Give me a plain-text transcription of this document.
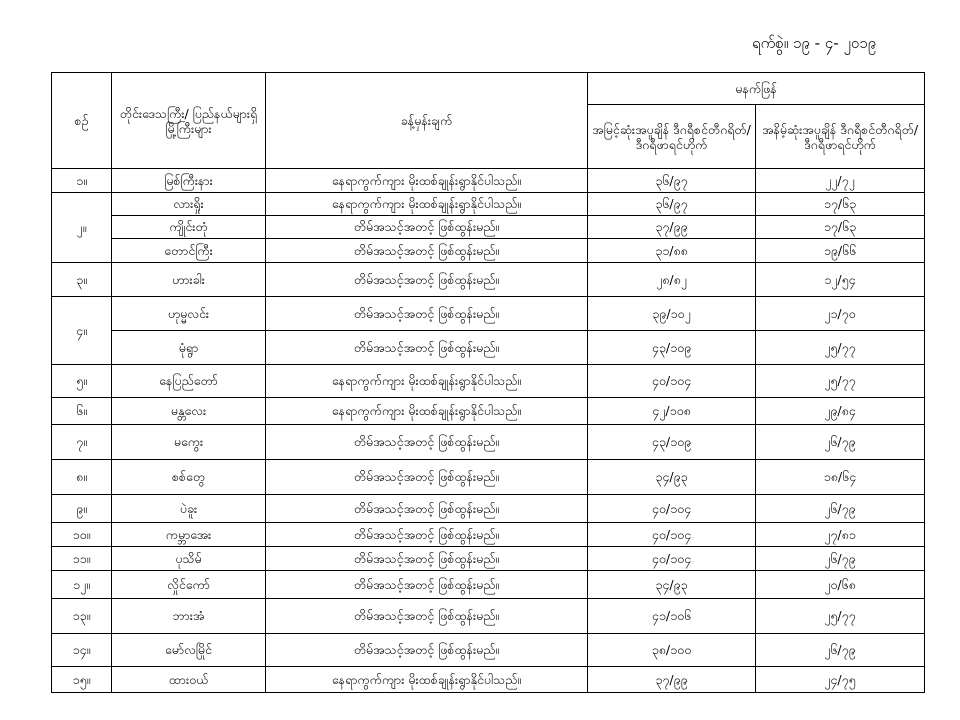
ရက်စွဲ။ ၁၉ - ၄- ၂၀၁၉
စဉ်	တိုင်းဒေသကြီး/ ပြည်နယ်များရှိ မြို့ကြီးများ	ခန့်မှန်းချက်	မနက်ဖြန်	
			အမြင့်ဆုံးအပူချိန် ဒီဂရီစင်တီဂရိတ်/ ဒီဂရီဖာရင်ဟိုက်	အနိမ့်ဆုံးအပူချိန် ဒီဂရီစင်တီဂရိတ်/ ဒီဂရီဖာရင်ဟိုက်
၁။	မြစ်ကြီးနား	နေရာကွက်ကျား မိုးထစ်ချုန်းရွာနိုင်ပါသည်။	၃၆/၉၇	၂၂/၇၂
၂။	လားရှိုး	နေရာကွက်ကျား မိုးထစ်ချုန်းရွာနိုင်ပါသည်။	၃၆/၉၇	၁၇/၆၃
	ကျိုင်းတုံ	တိမ်အသင့်အတင့် ဖြစ်ထွန်းမည်။	၃၇/၉၉	၁၇/၆၃
	တောင်ကြီး	တိမ်အသင့်အတင့် ဖြစ်ထွန်းမည်။	၃၁/၈၈	၁၉/၆၆
၃။	ဟားခါး	တိမ်အသင့်အတင့် ဖြစ်ထွန်းမည်။	၂၈/၈၂	၁၂/၅၄
၄။	ဟုမ္မလင်း	တိမ်အသင့်အတင့် ဖြစ်ထွန်းမည်။	၃၉/၁၀၂	၂၁/၇၀
	မုံရွာ	တိမ်အသင့်အတင့် ဖြစ်ထွန်းမည်။	၄၃/၁၀၉	၂၅/၇၇
၅။	နေပြည်တော်	နေရာကွက်ကျား မိုးထစ်ချုန်းရွာနိုင်ပါသည်။	၄၀/၁၀၄	၂၅/၇၇
၆။	မန္တလေး	နေရာကွက်ကျား မိုးထစ်ချုန်းရွာနိုင်ပါသည်။	၄၂/၁၀၈	၂၉/၈၄
၇။	မကွေး	တိမ်အသင့်အတင့် ဖြစ်ထွန်းမည်။	၄၃/၁၀၉	၂၆/၇၉
၈။	စစ်တွေ	တိမ်အသင့်အတင့် ဖြစ်ထွန်းမည်။	၃၄/၉၃	၁၈/၆၄
၉။	ပဲခူး	တိမ်အသင့်အတင့် ဖြစ်ထွန်းမည်။	၄၀/၁၀၄	၂၆/၇၉
၁၀။	ကမ္ဘာအေး	တိမ်အသင့်အတင့် ဖြစ်ထွန်းမည်။	၄၀/၁၀၄	၂၇/၈၁
၁၁။	ပုသိမ်	တိမ်အသင့်အတင့် ဖြစ်ထွန်းမည်။	၄၀/၁၀၄	၂၆/၇၉
၁၂။	လှိုင်ကော်	တိမ်အသင့်အတင့် ဖြစ်ထွန်းမည်။	၃၄/၉၃	၂၀/၆၈
၁၃။	ဘားအံ	တိမ်အသင့်အတင့် ဖြစ်ထွန်းမည်။	၄၁/၁၀၆	၂၅/၇၇
၁၄။	မော်လမြိုင်	တိမ်အသင့်အတင့် ဖြစ်ထွန်းမည်။	၃၈/၁၀၀	၂၆/၇၉
၁၅။	ထားဝယ်	နေရာကွက်ကျား မိုးထစ်ချုန်းရွာနိုင်ပါသည်။	၃၇/၉၉	၂၄/၇၅
